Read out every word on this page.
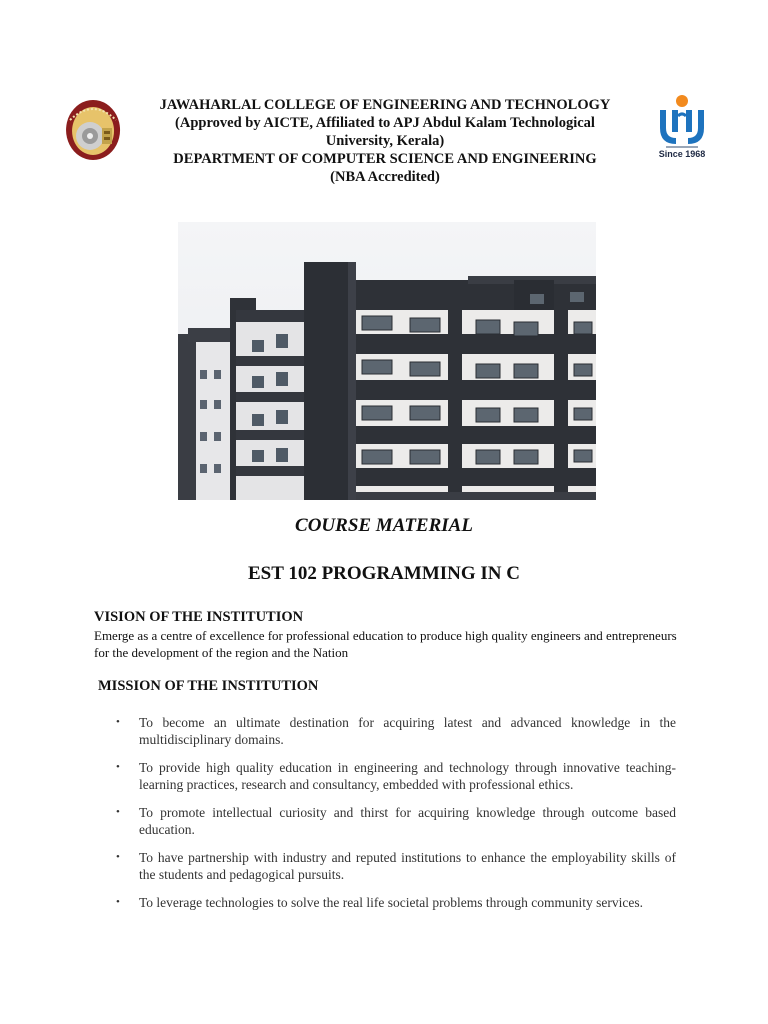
JAWAHARLAL COLLEGE OF ENGINEERING AND TECHNOLOGY
(Approved by AICTE, Affiliated to APJ Abdul Kalam Technological University, Kerala)
DEPARTMENT OF COMPUTER SCIENCE AND ENGINEERING
(NBA Accredited)
Since 1968
COURSE MATERIAL
EST 102 PROGRAMMING IN C
VISION OF THE INSTITUTION
Emerge as a centre of excellence for professional education to produce high quality engineers and entrepreneurs for the development of the region and the Nation
MISSION OF THE INSTITUTION
• To become an ultimate destination for acquiring latest and advanced knowledge in the multidisciplinary domains.
• To provide high quality education in engineering and technology through innovative teaching-learning practices, research and consultancy, embedded with professional ethics.
• To promote intellectual curiosity and thirst for acquiring knowledge through outcome based education.
• To have partnership with industry and reputed institutions to enhance the employability skills of the students and pedagogical pursuits.
• To leverage technologies to solve the real life societal problems through community services.
